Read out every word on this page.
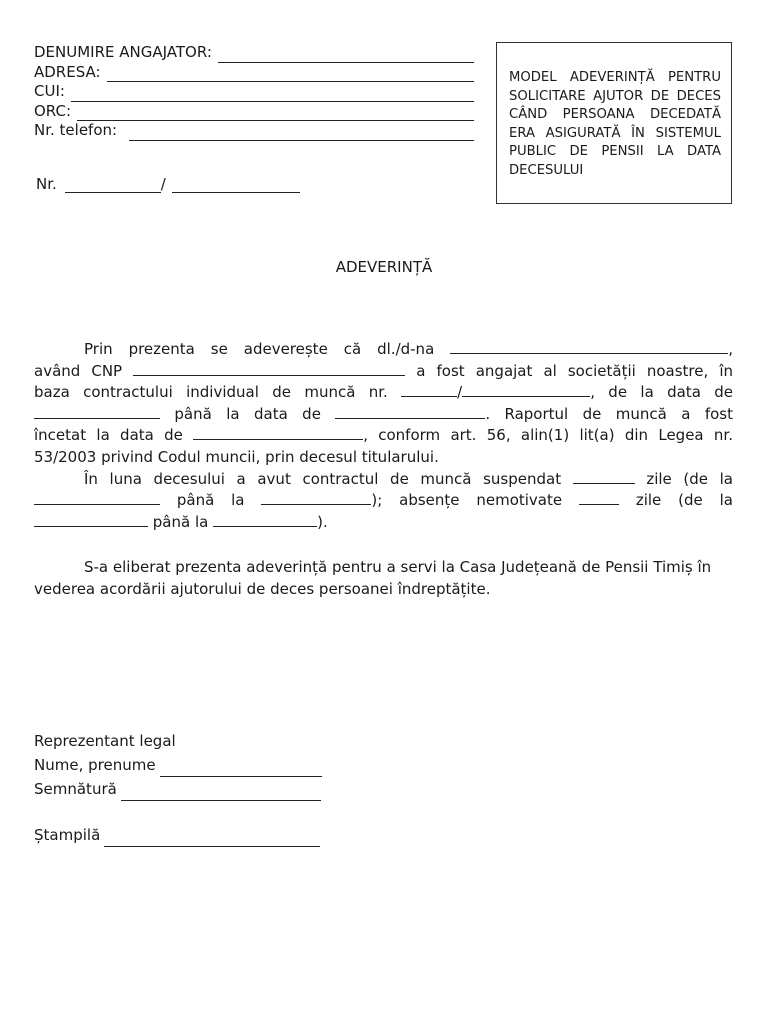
DENUMIRE ANGAJATOR:
ADRESA:
CUI:
ORC:
Nr. telefon:
Nr.	/
MODEL ADEVERINȚĂ PENTRU SOLICITARE AJUTOR DE DECES CÂND PERSOANA DECEDATĂ ERA ASIGURATĂ ÎN SISTEMUL PUBLIC DE PENSII LA DATA DECESULUI
ADEVERINȚĂ

Prin prezenta se adeverește că dl./d-na	,
având CNP	a fost angajat al societății noastre, în
baza contractului individual de muncă nr.	/	, de la data de
până la data de	. Raportul de muncă a fost
încetat la data de	, conform art. 56, alin(1) lit(a) din Legea nr.
53/2003 privind Codul muncii, prin decesul titularului.

În luna decesului a avut contractul de muncă suspendat	zile (de la
până la	); absențe nemotivate	zile (de la
până la	).

S-a eliberat prezenta adeverință pentru a servi la Casa Județeană de Pensii Timiș în vederea acordării ajutorului de deces persoanei îndreptățite.
Reprezentant legal
Nume, prenume
Semnătură
Ștampilă
